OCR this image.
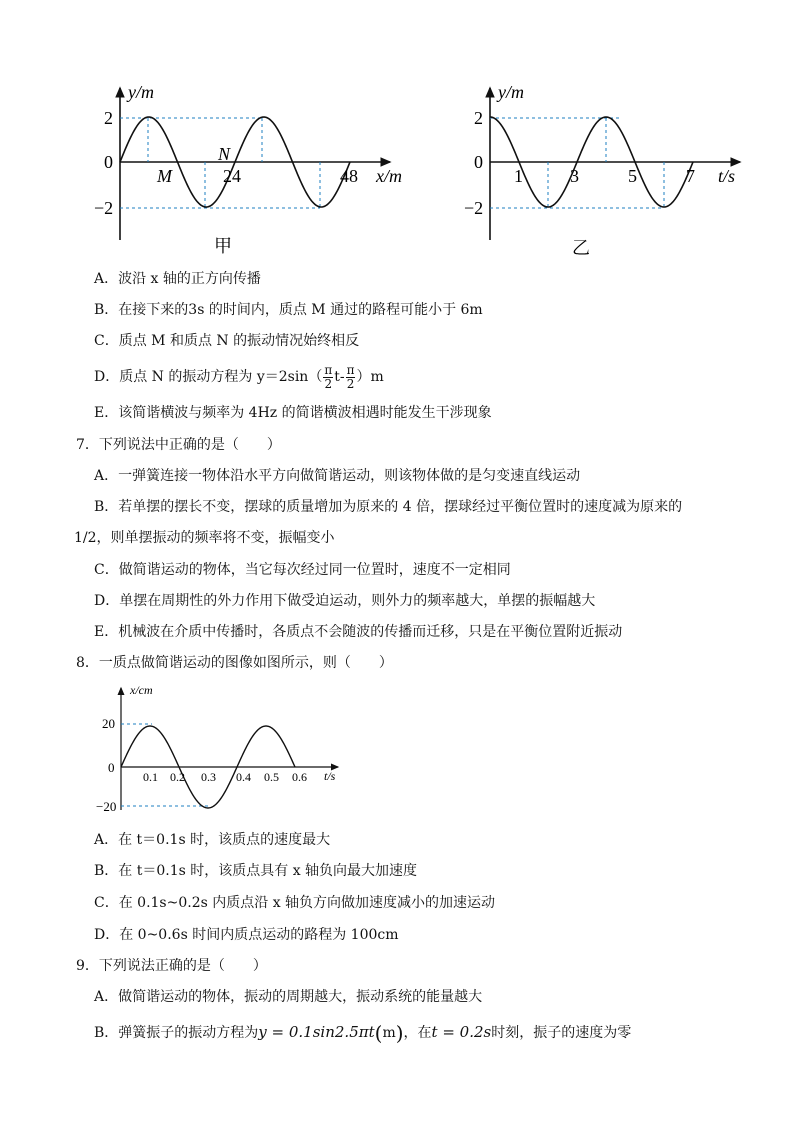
y/m
x/m
2
0
−2
24	48
M
N
甲
y/m
t/s
2
0
−2
1	3	5	7
乙
A．波沿 x 轴的正方向传播
B．在接下来的3s 的时间内，质点 M 通过的路程可能小于 6m
C．质点 M 和质点 N 的振动情况始终相反
D．质点 N 的振动方程为 $y=2\sin( \frac{\pi}{2} t- \frac{\pi}{2} )m$
E．该简谐横波与频率为 4Hz 的简谐横波相遇时能发生干涉现象
7．下列说法中正确的是（　　）
A．一弹簧连接一物体沿水平方向做简谐运动，则该物体做的是匀变速直线运动
B．若单摆的摆长不变，摆球的质量增加为原来的 4 倍，摆球经过平衡位置时的速度减为原来的
1/2，则单摆振动的频率将不变，振幅变小
C．做简谐运动的物体，当它每次经过同一位置时，速度不一定相同
D．单摆在周期性的外力作用下做受迫运动，则外力的频率越大，单摆的振幅越大
E．机械波在介质中传播时，各质点不会随波的传播而迁移，只是在平衡位置附近振动
8．一质点做简谐运动的图像如图所示，则（　　）
x/cm
t/s
20
0
−20
0.1 0.2 0.3 0.4 0.5 0.6
A．在 t＝0.1s 时，该质点的速度最大
B．在 t＝0.1s 时，该质点具有 x 轴负向最大加速度
C．在 0.1s~0.2s 内质点沿 x 轴负方向做加速度减小的加速运动
D．在 0~0.6s 时间内质点运动的路程为 100cm
9．下列说法正确的是（　　）
A．做简谐运动的物体，振动的周期越大，振动系统的能量越大
B．弹簧振子的振动方程为y = 0.1sin2.5πt(m)，在t = 0.2s时刻，振子的速度为零
